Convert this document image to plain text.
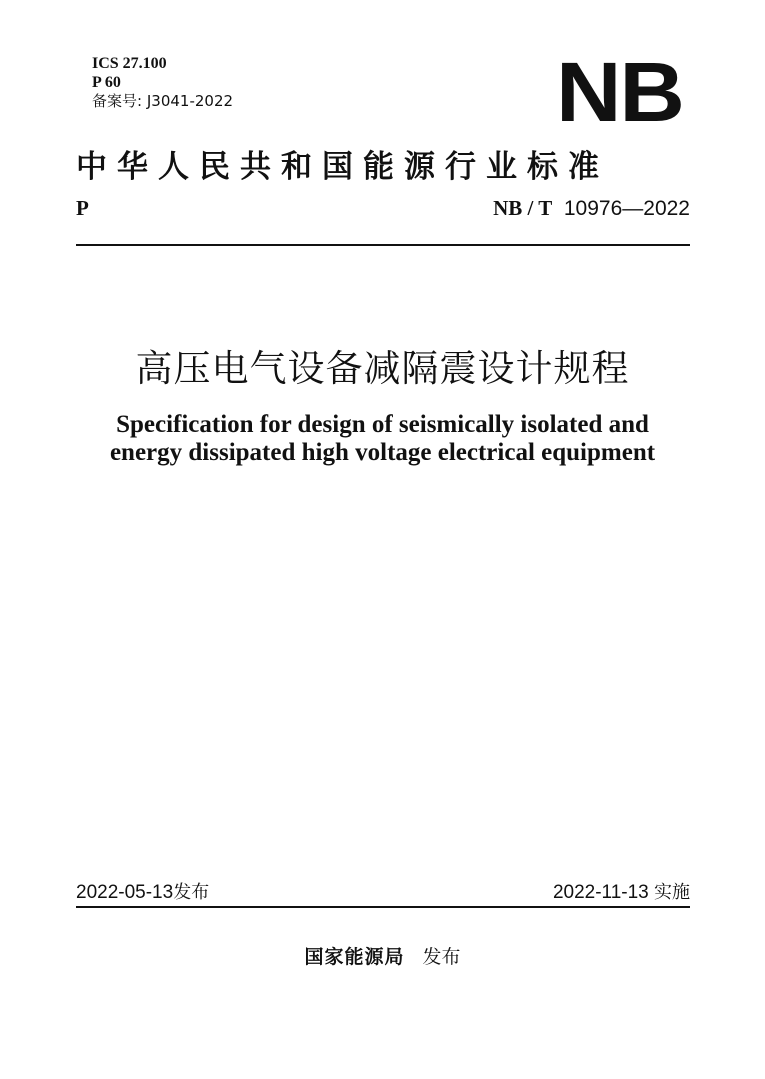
ICS 27.100
P 60
备案号: J3041-2022	NB
中华人民共和国能源行业标准
P	NB / T 10976—2022
高压电气设备减隔震设计规程
Specification for design of seismically isolated and
energy dissipated high voltage electrical equipment
2022-05-13发布	2022-11-13 实施
国家能源局 发布
